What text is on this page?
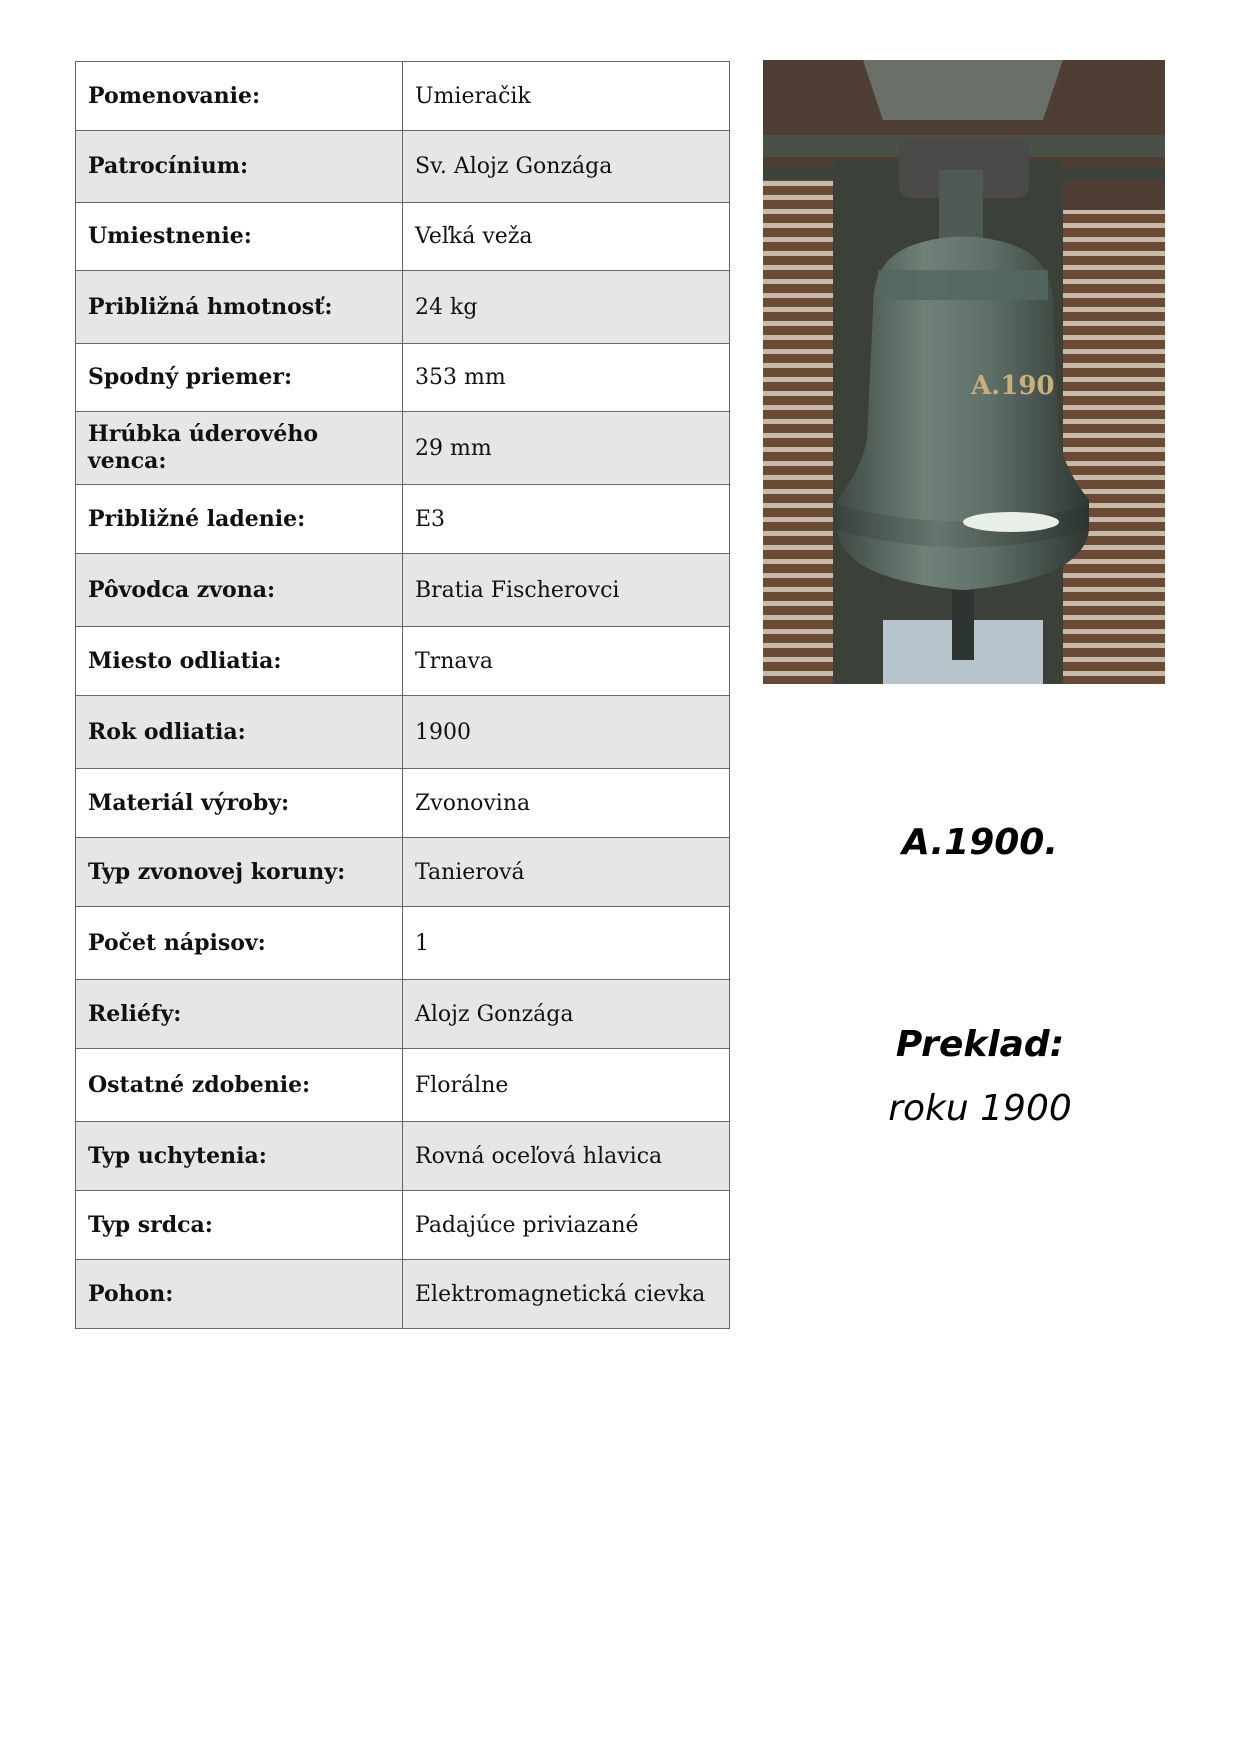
Pomenovanie:	Umieračik
Patrocínium:	Sv. Alojz Gonzága
Umiestnenie:	Veľká veža
Približná hmotnosť:	24 kg
Spodný priemer:	353 mm
Hrúbka úderového venca:	29 mm
Približné ladenie:	E3
Pôvodca zvona:	Bratia Fischerovci
Miesto odliatia:	Trnava
Rok odliatia:	1900
Materiál výroby:	Zvonovina
Typ zvonovej koruny:	Tanierová
Počet nápisov:	1
Reliéfy:	Alojz Gonzága
Ostatné zdobenie:	Florálne
Typ uchytenia:	Rovná oceľová hlavica
Typ srdca:	Padajúce priviazané
Pohon:	Elektromagnetická cievka
A.190
A.1900.
Preklad:
roku 1900
